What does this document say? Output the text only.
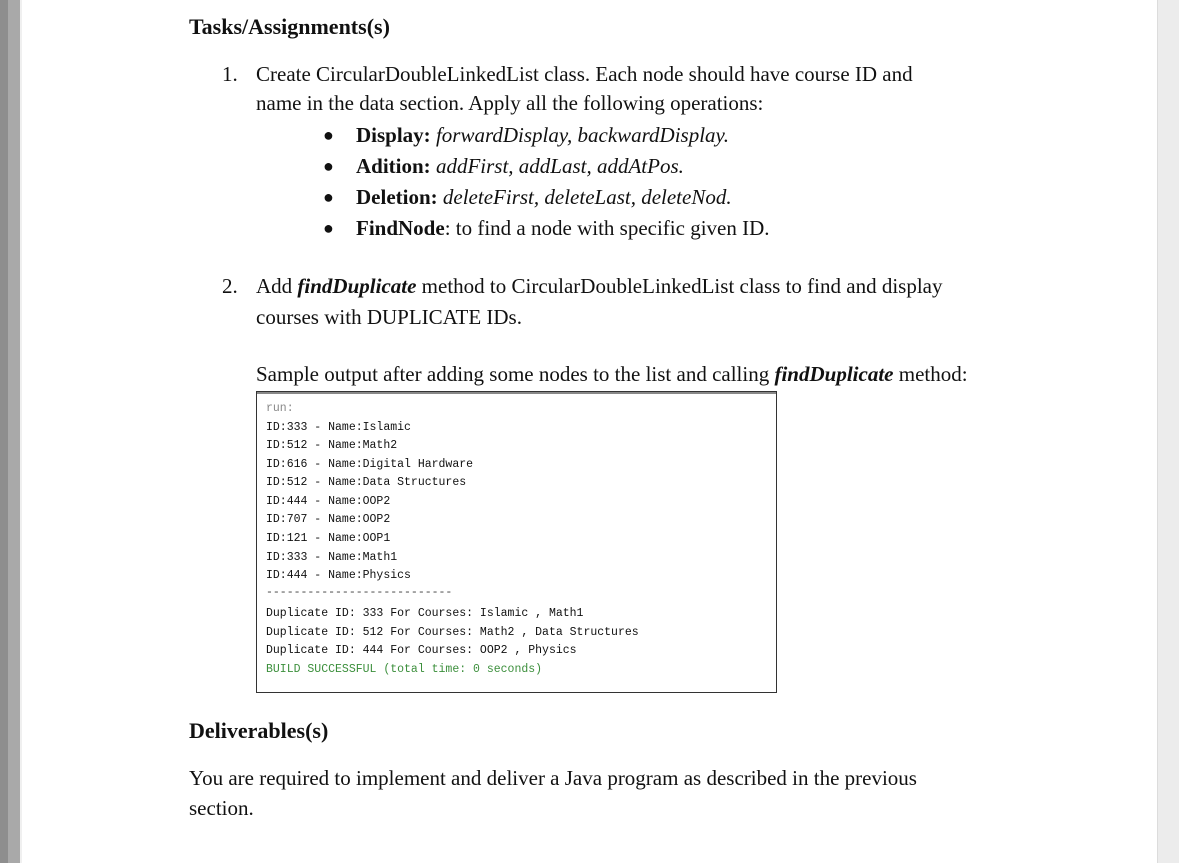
Tasks/Assignments(s)
1. Create CircularDoubleLinkedList class. Each node should have course ID and
name in the data section. Apply all the following operations:
● Display: forwardDisplay, backwardDisplay.
● Adition: addFirst, addLast, addAtPos.
● Deletion: deleteFirst, deleteLast, deleteNod.
● FindNode: to find a node with specific given ID.
2. Add findDuplicate method to CircularDoubleLinkedList class to find and display
courses with DUPLICATE IDs.
Sample output after adding some nodes to the list and calling findDuplicate method:
run:
ID:333 - Name:Islamic
ID:512 - Name:Math2
ID:616 - Name:Digital Hardware
ID:512 - Name:Data Structures
ID:444 - Name:OOP2
ID:707 - Name:OOP2
ID:121 - Name:OOP1
ID:333 - Name:Math1
ID:444 - Name:Physics
---------------------------
Duplicate ID: 333 For Courses: Islamic , Math1
Duplicate ID: 512 For Courses: Math2 , Data Structures
Duplicate ID: 444 For Courses: OOP2 , Physics
BUILD SUCCESSFUL (total time: 0 seconds)
Deliverables(s)
You are required to implement and deliver a Java program as described in the previous
section.
